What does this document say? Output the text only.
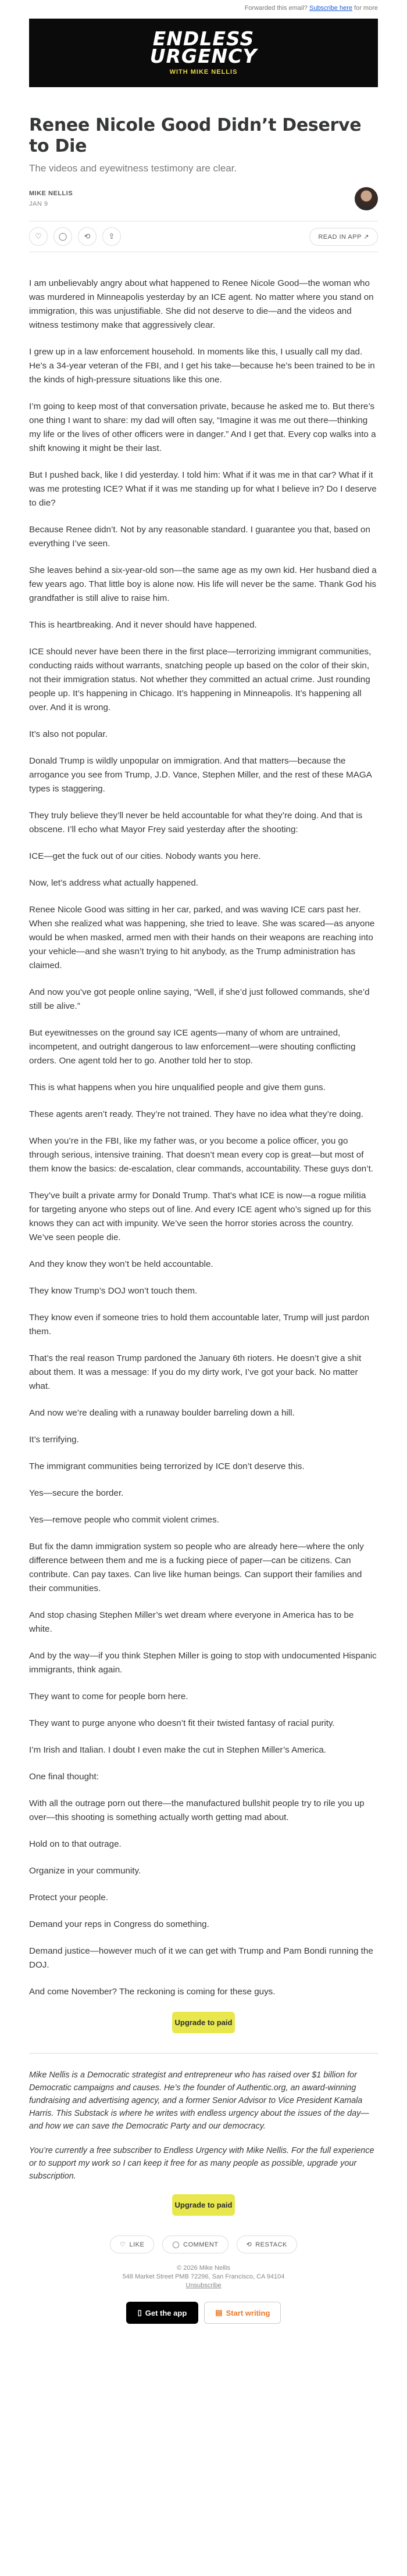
Forwarded this email? Subscribe here for more
ENDLESS
URGENCY
WITH MIKE NELLIS
Renee Nicole Good Didn’t Deserve to Die
The videos and eyewitness testimony are clear.
MIKE NELLIS
JAN 9
♡	◯	⟲	⇪	READ IN APP ↗

I am unbelievably angry about what happened to Renee Nicole Good—the woman who was murdered in Minneapolis yesterday by an ICE agent. No matter where you stand on immigration, this was unjustifiable. She did not deserve to die—and the videos and witness testimony make that aggressively clear.

I grew up in a law enforcement household. In moments like this, I usually call my dad. He’s a 34-year veteran of the FBI, and I get his take—because he’s been trained to be in the kinds of high-pressure situations like this one.

I’m going to keep most of that conversation private, because he asked me to. But there’s one thing I want to share: my dad will often say, “Imagine it was me out there—thinking my life or the lives of other officers were in danger.” And I get that. Every cop walks into a shift knowing it might be their last.

But I pushed back, like I did yesterday. I told him: What if it was me in that car? What if it was me protesting ICE? What if it was me standing up for what I believe in? Do I deserve to die?

Because Renee didn’t. Not by any reasonable standard. I guarantee you that, based on everything I’ve seen.

She leaves behind a six-year-old son—the same age as my own kid. Her husband died a few years ago. That little boy is alone now. His life will never be the same. Thank God his grandfather is still alive to raise him.

This is heartbreaking. And it never should have happened.

ICE should never have been there in the first place—terrorizing immigrant communities, conducting raids without warrants, snatching people up based on the color of their skin, not their immigration status. Not whether they committed an actual crime. Just rounding people up. It’s happening in Chicago. It’s happening in Minneapolis. It’s happening all over. And it is wrong.

It’s also not popular.

Donald Trump is wildly unpopular on immigration. And that matters—because the arrogance you see from Trump, J.D. Vance, Stephen Miller, and the rest of these MAGA types is staggering.

They truly believe they’ll never be held accountable for what they’re doing. And that is obscene. I’ll echo what Mayor Frey said yesterday after the shooting:

ICE—get the fuck out of our cities. Nobody wants you here.

Now, let’s address what actually happened.

Renee Nicole Good was sitting in her car, parked, and was waving ICE cars past her. When she realized what was happening, she tried to leave. She was scared—as anyone would be when masked, armed men with their hands on their weapons are reaching into your vehicle—and she wasn’t trying to hit anybody, as the Trump administration has claimed.

And now you’ve got people online saying, “Well, if she’d just followed commands, she’d still be alive.”

But eyewitnesses on the ground say ICE agents—many of whom are untrained, incompetent, and outright dangerous to law enforcement—were shouting conflicting orders. One agent told her to go. Another told her to stop.

This is what happens when you hire unqualified people and give them guns.

These agents aren’t ready. They’re not trained. They have no idea what they’re doing.

When you’re in the FBI, like my father was, or you become a police officer, you go through serious, intensive training. That doesn’t mean every cop is great—but most of them know the basics: de-escalation, clear commands, accountability. These guys don’t.

They’ve built a private army for Donald Trump. That’s what ICE is now—a rogue militia for targeting anyone who steps out of line. And every ICE agent who’s signed up for this knows they can act with impunity. We’ve seen the horror stories across the country. We’ve seen people die.

And they know they won’t be held accountable.

They know Trump’s DOJ won’t touch them.

They know even if someone tries to hold them accountable later, Trump will just pardon them.

That’s the real reason Trump pardoned the January 6th rioters. He doesn’t give a shit about them. It was a message: If you do my dirty work, I’ve got your back. No matter what.

And now we’re dealing with a runaway boulder barreling down a hill.

It’s terrifying.

The immigrant communities being terrorized by ICE don’t deserve this.

Yes—secure the border.

Yes—remove people who commit violent crimes.

But fix the damn immigration system so people who are already here—where the only difference between them and me is a fucking piece of paper—can be citizens. Can contribute. Can pay taxes. Can live like human beings. Can support their families and their communities.

And stop chasing Stephen Miller’s wet dream where everyone in America has to be white.

And by the way—if you think Stephen Miller is going to stop with undocumented Hispanic immigrants, think again.

They want to come for people born here.

They want to purge anyone who doesn’t fit their twisted fantasy of racial purity.

I’m Irish and Italian. I doubt I even make the cut in Stephen Miller’s America.

One final thought:

With all the outrage porn out there—the manufactured bullshit people try to rile you up over—this shooting is something actually worth getting mad about.

Hold on to that outrage.

Organize in your community.

Protect your people.

Demand your reps in Congress do something.

Demand justice—however much of it we can get with Trump and Pam Bondi running the DOJ.

And come November? The reckoning is coming for these guys.

Upgrade to paid

Mike Nellis is a Democratic strategist and entrepreneur who has raised over $1 billion for Democratic campaigns and causes. He’s the founder of Authentic.org, an award-winning fundraising and advertising agency, and a former Senior Advisor to Vice President Kamala Harris. This Substack is where he writes with endless urgency about the issues of the day—and how we can save the Democratic Party and our democracy.

You’re currently a free subscriber to Endless Urgency with Mike Nellis. For the full experience or to support my work so I can keep it free for as many people as possible, upgrade your subscription.

Upgrade to paid
♡ LIKE	◯ COMMENT	⟲ RESTACK
© 2026 Mike Nellis
548 Market Street PMB 72296, San Francisco, CA 94104
Unsubscribe
▯ Get the app	▤ Start writing
